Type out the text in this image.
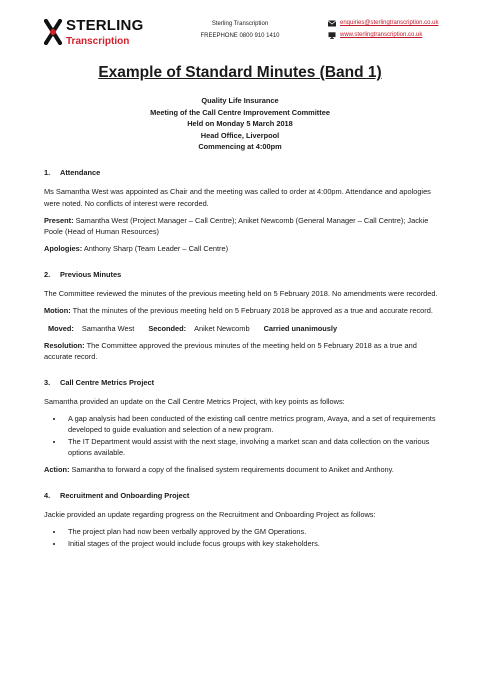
STERLING
Transcription
Sterling Transcription
FREEPHONE 0800 910 1410
enquiries@sterlingtranscription.co.uk
www.sterlingtranscription.co.uk
Example of Standard Minutes (Band 1)
Quality Life Insurance
Meeting of the Call Centre Improvement Committee
Held on Monday 5 March 2018
Head Office, Liverpool
Commencing at 4:00pm
1.	Attendance

Ms Samantha West was appointed as Chair and the meeting was called to order at 4:00pm. Attendance and apologies were noted. No conflicts of interest were recorded.

Present: Samantha West (Project Manager – Call Centre); Aniket Newcomb (General Manager – Call Centre); Jackie Poole (Head of Human Resources)

Apologies: Anthony Sharp (Team Leader – Call Centre)

2.	Previous Minutes

The Committee reviewed the minutes of the previous meeting held on 5 February 2018. No amendments were recorded.

Motion: That the minutes of the previous meeting held on 5 February 2018 be approved as a true and accurate record.

Moved: Samantha West Seconded: Aniket Newcomb Carried unanimously

Resolution: The Committee approved the previous minutes of the meeting held on 5 February 2018 as a true and accurate record.

3.	Call Centre Metrics Project

Samantha provided an update on the Call Centre Metrics Project, with key points as follows:

• A gap analysis had been conducted of the existing call centre metrics program, Avaya, and a set of requirements developed to guide evaluation and selection of a new program.
• The IT Department would assist with the next stage, involving a market scan and data collection on the various options available.

Action: Samantha to forward a copy of the finalised system requirements document to Aniket and Anthony.

4.	Recruitment and Onboarding Project

Jackie provided an update regarding progress on the Recruitment and Onboarding Project as follows:

• The project plan had now been verbally approved by the GM Operations.
• Initial stages of the project would include focus groups with key stakeholders.
